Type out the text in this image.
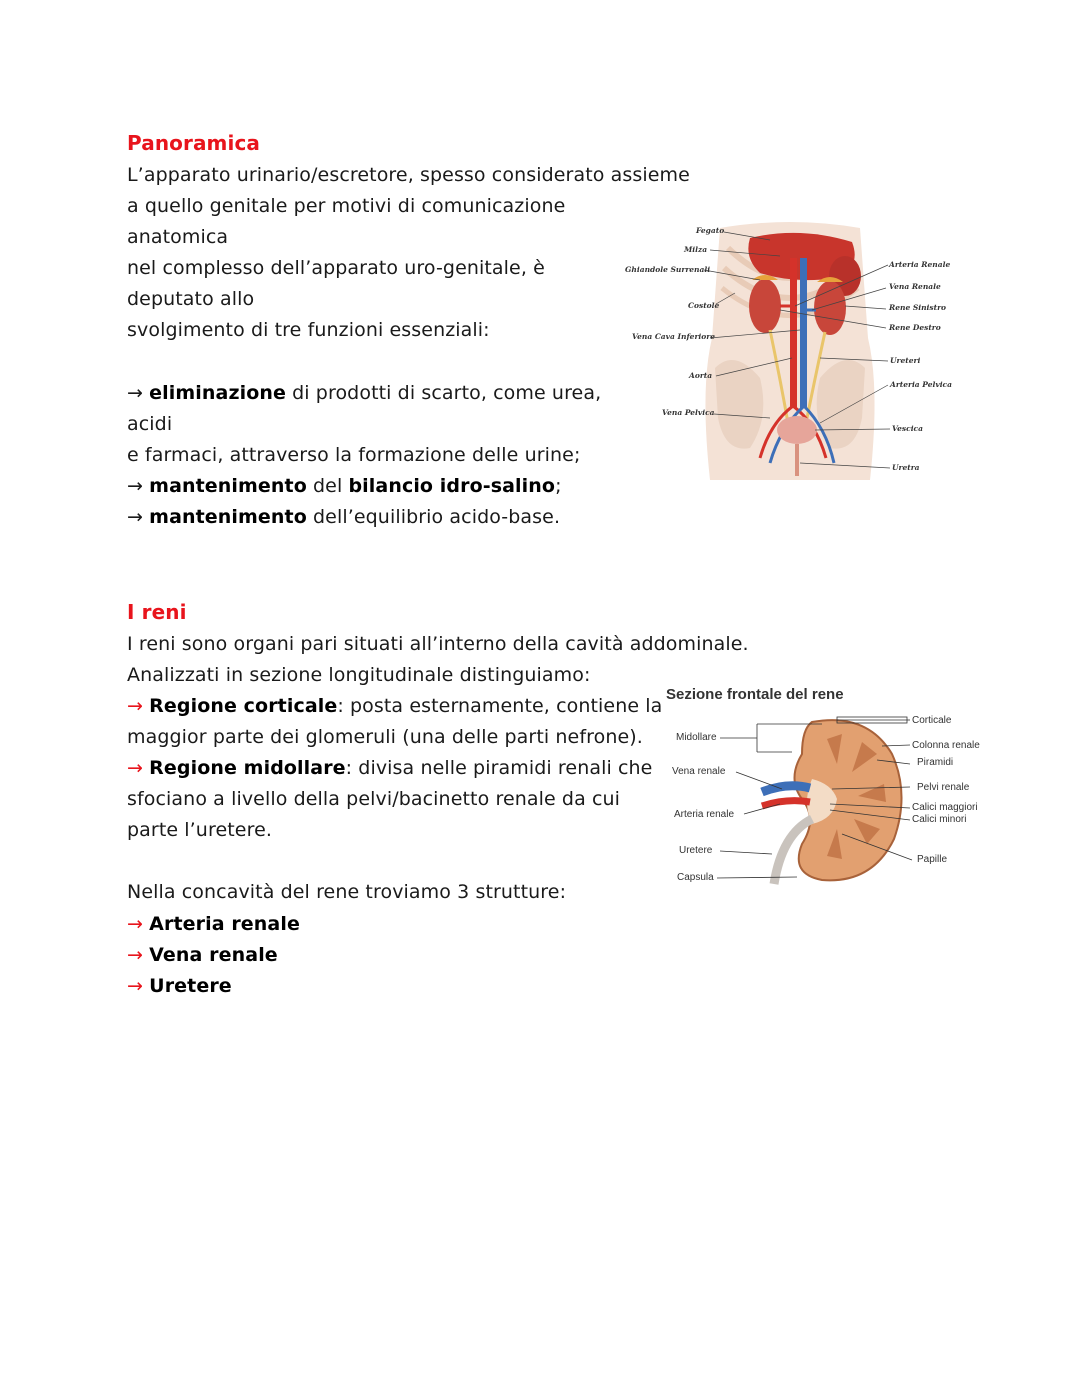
Panoramica
L’apparato urinario/escretore, spesso considerato assieme
a quello genitale per motivi di comunicazione
anatomica
nel complesso dell’apparato uro-genitale, è
deputato allo
svolgimento di tre funzioni essenziali:
→ eliminazione di prodotti di scarto, come urea,
acidi
e farmaci, attraverso la formazione delle urine;
→ mantenimento del bilancio idro-salino;
→ mantenimento dell’equilibrio acido-base.
Fegato
Milza
Ghiandole Surrenali
Costole
Vena Cava Inferiore
Aorta
Vena Pelvica
Arteria Renale
Vena Renale
Rene Sinistro
Rene Destro
Ureteri
Arteria Pelvica
Vescica
Uretra
I reni
I reni sono organi pari situati all’interno della cavità addominale.
Analizzati in sezione longitudinale distinguiamo:
→ Regione corticale: posta esternamente, contiene la
maggior parte dei glomeruli (una delle parti nefrone).
→ Regione midollare: divisa nelle piramidi renali che
sfociano a livello della pelvi/bacinetto renale da cui
parte l’uretere.
Nella concavità del rene troviamo 3 strutture:
→ Arteria renale
→ Vena renale
→ Uretere
Sezione frontale del rene
Midollare
Vena renale
Arteria renale
Uretere
Capsula
Corticale
Colonna renale
Piramidi
Pelvi renale
Calici maggiori
Calici minori
Papille
